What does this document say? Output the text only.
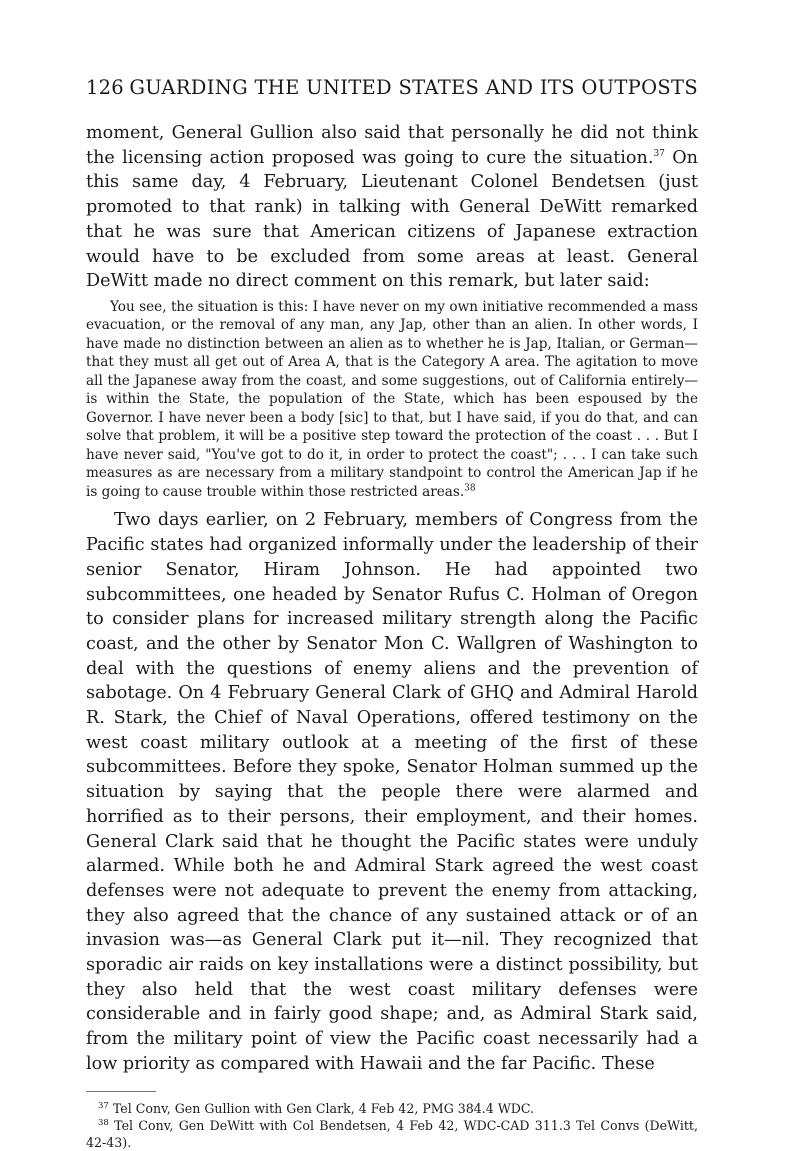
126 GUARDING THE UNITED STATES AND ITS OUTPOSTS

moment, General Gullion also said that personally he did not think the licensing action proposed was going to cure the situation.$^{37}$ On this same day, 4 February, Lieutenant Colonel Bendetsen (just promoted to that rank) in talking with General DeWitt remarked that he was sure that American citizens of Japanese extraction would have to be excluded from some areas at least. General DeWitt made no direct comment on this remark, but later said:

You see, the situation is this: I have never on my own initiative recommended a mass evacuation, or the removal of any man, any Jap, other than an alien. In other words, I have made no distinction between an alien as to whether he is Jap, Italian, or German—that they must all get out of Area A, that is the Category A area. The agitation to move all the Japanese away from the coast, and some suggestions, out of California entirely—is within the State, the population of the State, which has been espoused by the Governor. I have never been a body [sic] to that, but I have said, if you do that, and can solve that problem, it will be a positive step toward the protection of the coast . . . But I have never said, "You've got to do it, in order to protect the coast"; . . . I can take such measures as are necessary from a military standpoint to control the American Jap if he is going to cause trouble within those restricted areas.$^{38}$

Two days earlier, on 2 February, members of Congress from the Pacific states had organized informally under the leadership of their senior Senator, Hiram Johnson. He had appointed two subcommittees, one headed by Senator Rufus C. Holman of Oregon to consider plans for increased military strength along the Pacific coast, and the other by Senator Mon C. Wallgren of Washington to deal with the questions of enemy aliens and the prevention of sabotage. On 4 February General Clark of GHQ and Admiral Harold R. Stark, the Chief of Naval Operations, offered testimony on the west coast military outlook at a meeting of the first of these subcommittees. Before they spoke, Senator Holman summed up the situation by saying that the people there were alarmed and horrified as to their persons, their employment, and their homes. General Clark said that he thought the Pacific states were unduly alarmed. While both he and Admiral Stark agreed the west coast defenses were not adequate to prevent the enemy from attacking, they also agreed that the chance of any sustained attack or of an invasion was—as General Clark put it—nil. They recognized that sporadic air raids on key installations were a distinct possibility, but they also held that the west coast military defenses were considerable and in fairly good shape; and, as Admiral Stark said, from the military point of view the Pacific coast necessarily had a low priority as compared with Hawaii and the far Pacific. These

$^{37}$ Tel Conv, Gen Gullion with Gen Clark, 4 Feb 42, PMG 384.4 WDC.

$^{38}$ Tel Conv, Gen DeWitt with Col Bendetsen, 4 Feb 42, WDC-CAD 311.3 Tel Convs (DeWitt, 42-43).
